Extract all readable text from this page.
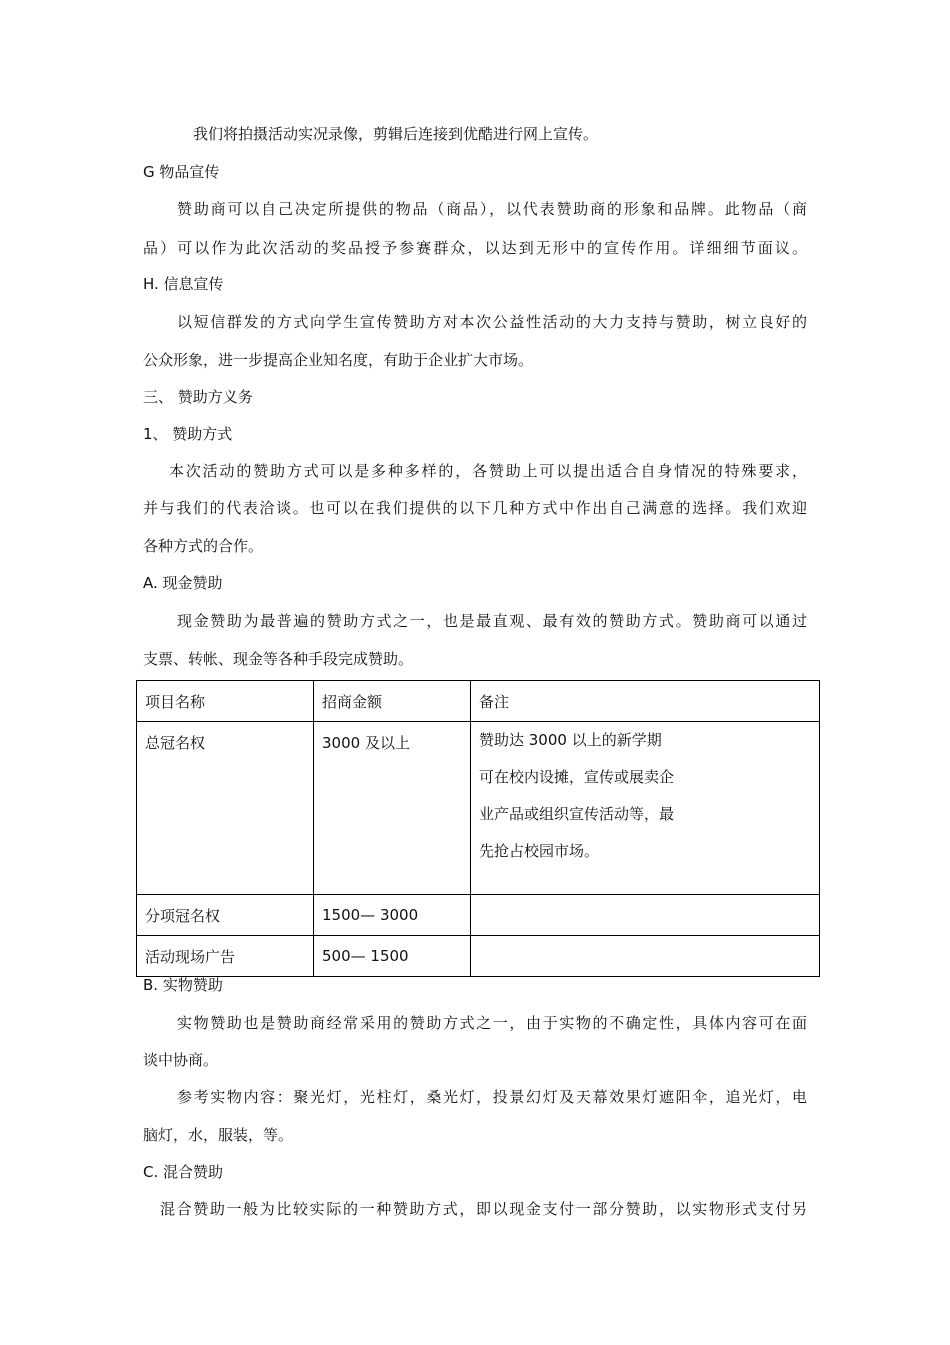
我们将拍摄活动实况录像，剪辑后连接到优酷进行网上宣传。
G 物品宣传
赞助商可以自己决定所提供的物品（商品），以代表赞助商的形象和品牌。此物品（商
品）可以作为此次活动的奖品授予参赛群众，以达到无形中的宣传作用。详细细节面议。
H. 信息宣传
以短信群发的方式向学生宣传赞助方对本次公益性活动的大力支持与赞助，树立良好的
公众形象，进一步提高企业知名度，有助于企业扩大市场。
三、 赞助方义务
1、 赞助方式
本次活动的赞助方式可以是多种多样的，各赞助上可以提出适合自身情况的特殊要求，
并与我们的代表洽谈。也可以在我们提供的以下几种方式中作出自己满意的选择。我们欢迎
各种方式的合作。
A. 现金赞助
现金赞助为最普遍的赞助方式之一，也是最直观、最有效的赞助方式。赞助商可以通过
支票、转帐、现金等各种手段完成赞助。
项目名称	招商金额	备注
总冠名权	3000 及以上	赞助达 3000 以上的新学期
可在校内设摊，宣传或展卖企
业产品或组织宣传活动等，最
先抢占校园市场。

分项冠名权	1500— 3000	
活动现场广告	500— 1500	
B. 实物赞助
实物赞助也是赞助商经常采用的赞助方式之一，由于实物的不确定性，具体内容可在面
谈中协商。
参考实物内容：聚光灯，光柱灯，桑光灯，投景幻灯及天幕效果灯遮阳伞，追光灯，电
脑灯，水，服装，等。
C. 混合赞助
混合赞助一般为比较实际的一种赞助方式，即以现金支付一部分赞助，以实物形式支付另
